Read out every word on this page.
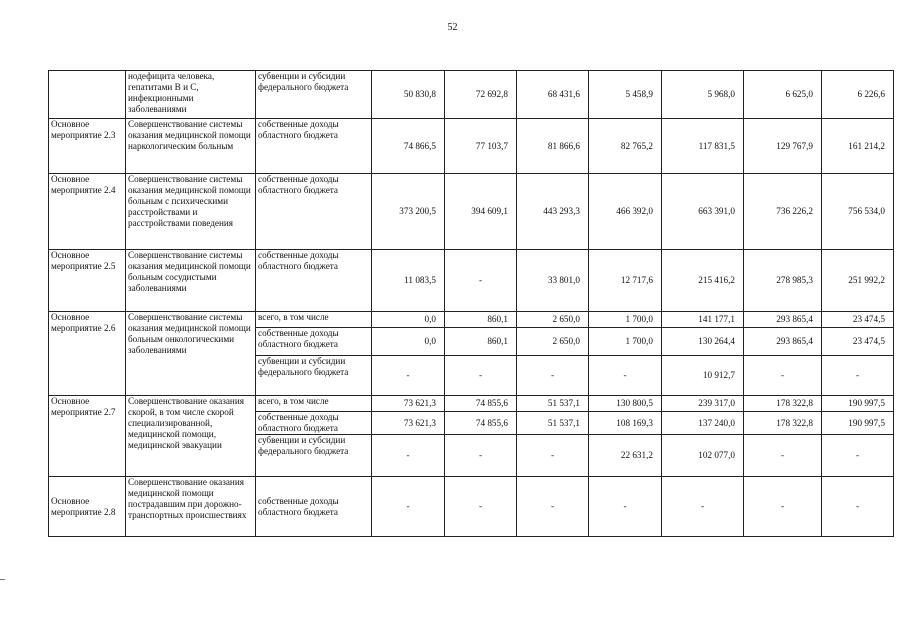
52
	нодефицита человека, гепатитами В и С, инфекционными заболеваниями	субвенции и субсидии федерального бюджета	50 830,8	72 692,8	68 431,6	5 458,9	5 968,0	6 625,0	6 226,6
Основное мероприятие 2.3	Совершенствование системы оказания медицинской помощи наркологическим больным	собственные доходы областного бюджета	74 866,5	77 103,7	81 866,6	82 765,2	117 831,5	129 767,9	161 214,2
Основное мероприятие 2.4	Совершенствование системы оказания медицинской помощи больным с психическими расстройствами и расстройствами поведения	собственные доходы областного бюджета	373 200,5	394 609,1	443 293,3	466 392,0	663 391,0	736 226,2	756 534,0
Основное мероприятие 2.5	Совершенствование системы оказания медицинской помощи больным сосудистыми заболеваниями	собственные доходы областного бюджета	11 083,5	-	33 801,0	12 717,6	215 416,2	278 985,3	251 992,2
Основное мероприятие 2.6	Совершенствование системы оказания медицинской помощи больным онкологическими заболеваниями	всего, в том числе	0,0	860,1	2 650,0	1 700,0	141 177,1	293 865,4	23 474,5
		собственные доходы областного бюджета	0,0	860,1	2 650,0	1 700,0	130 264,4	293 865,4	23 474,5
		субвенции и субсидии федерального бюджета	-	-	-	-	10 912,7	-	-
Основное мероприятие 2.7	Совершенствование оказания скорой, в том числе скорой специализированной, медицинской помощи, медицинской эвакуации	всего, в том числе	73 621,3	74 855,6	51 537,1	130 800,5	239 317,0	178 322,8	190 997,5
		собственные доходы областного бюджета	73 621,3	74 855,6	51 537,1	108 169,3	137 240,0	178 322,8	190 997,5
		субвенции и субсидии федерального бюджета	-	-	-	22 631,2	102 077,0	-	-
Основное мероприятие 2.8	Совершенствование оказания медицинской помощи пострадавшим при дорожно-транспортных происшествиях	собственные доходы областного бюджета	-	-	-	-	-	-	-
